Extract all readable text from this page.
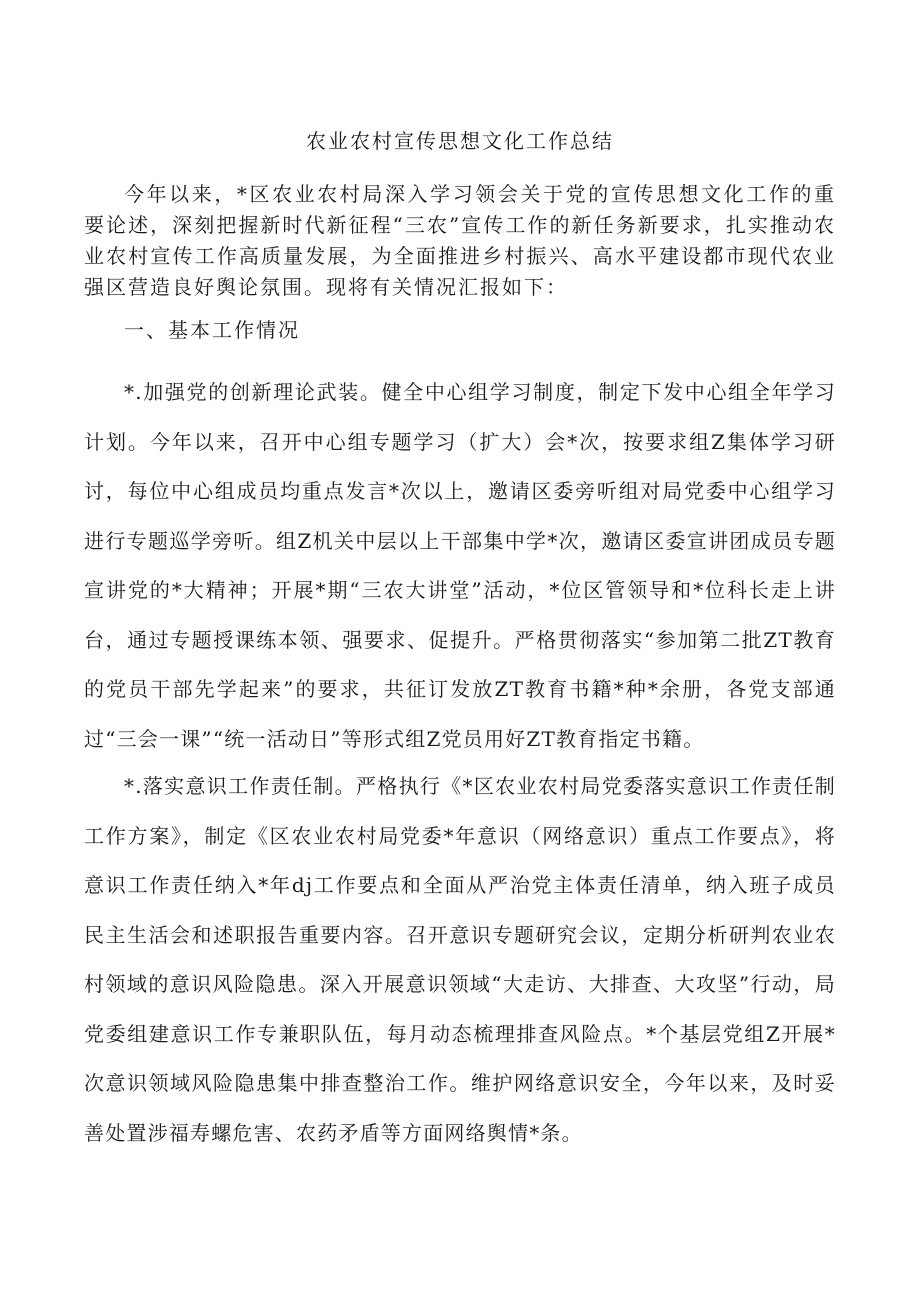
农业农村宣传思想文化工作总结

今年以来，*区农业农村局深入学习领会关于党的宣传思想文化工作的重要论述，深刻把握新时代新征程“三农”宣传工作的新任务新要求，扎实推动农业农村宣传工作高质量发展，为全面推进乡村振兴、高水平建设都市现代农业强区营造良好舆论氛围。现将有关情况汇报如下：

一、基本工作情况

*.加强党的创新理论武装。健全中心组学习制度，制定下发中心组全年学习计划。今年以来，召开中心组专题学习（扩大）会*次，按要求组Z集体学习研讨，每位中心组成员均重点发言*次以上，邀请区委旁听组对局党委中心组学习进行专题巡学旁听。组Z机关中层以上干部集中学*次，邀请区委宣讲团成员专题宣讲党的*大精神；开展*期“三农大讲堂”活动，*位区管领导和*位科长走上讲台，通过专题授课练本领、强要求、促提升。严格贯彻落实“参加第二批ZT教育的党员干部先学起来”的要求，共征订发放ZT教育书籍*种*余册，各党支部通过“三会一课”“统一活动日”等形式组Z党员用好ZT教育指定书籍。

*.落实意识工作责任制。严格执行《*区农业农村局党委落实意识工作责任制工作方案》，制定《区农业农村局党委*年意识（网络意识）重点工作要点》，将意识工作责任纳入*年dj工作要点和全面从严治党主体责任清单，纳入班子成员民主生活会和述职报告重要内容。召开意识专题研究会议，定期分析研判农业农村领域的意识风险隐患。深入开展意识领域“大走访、大排查、大攻坚”行动，局党委组建意识工作专兼职队伍，每月动态梳理排查风险点。*个基层党组Z开展*次意识领域风险隐患集中排查整治工作。维护网络意识安全，今年以来，及时妥善处置涉福寿螺危害、农药矛盾等方面网络舆情*条。
